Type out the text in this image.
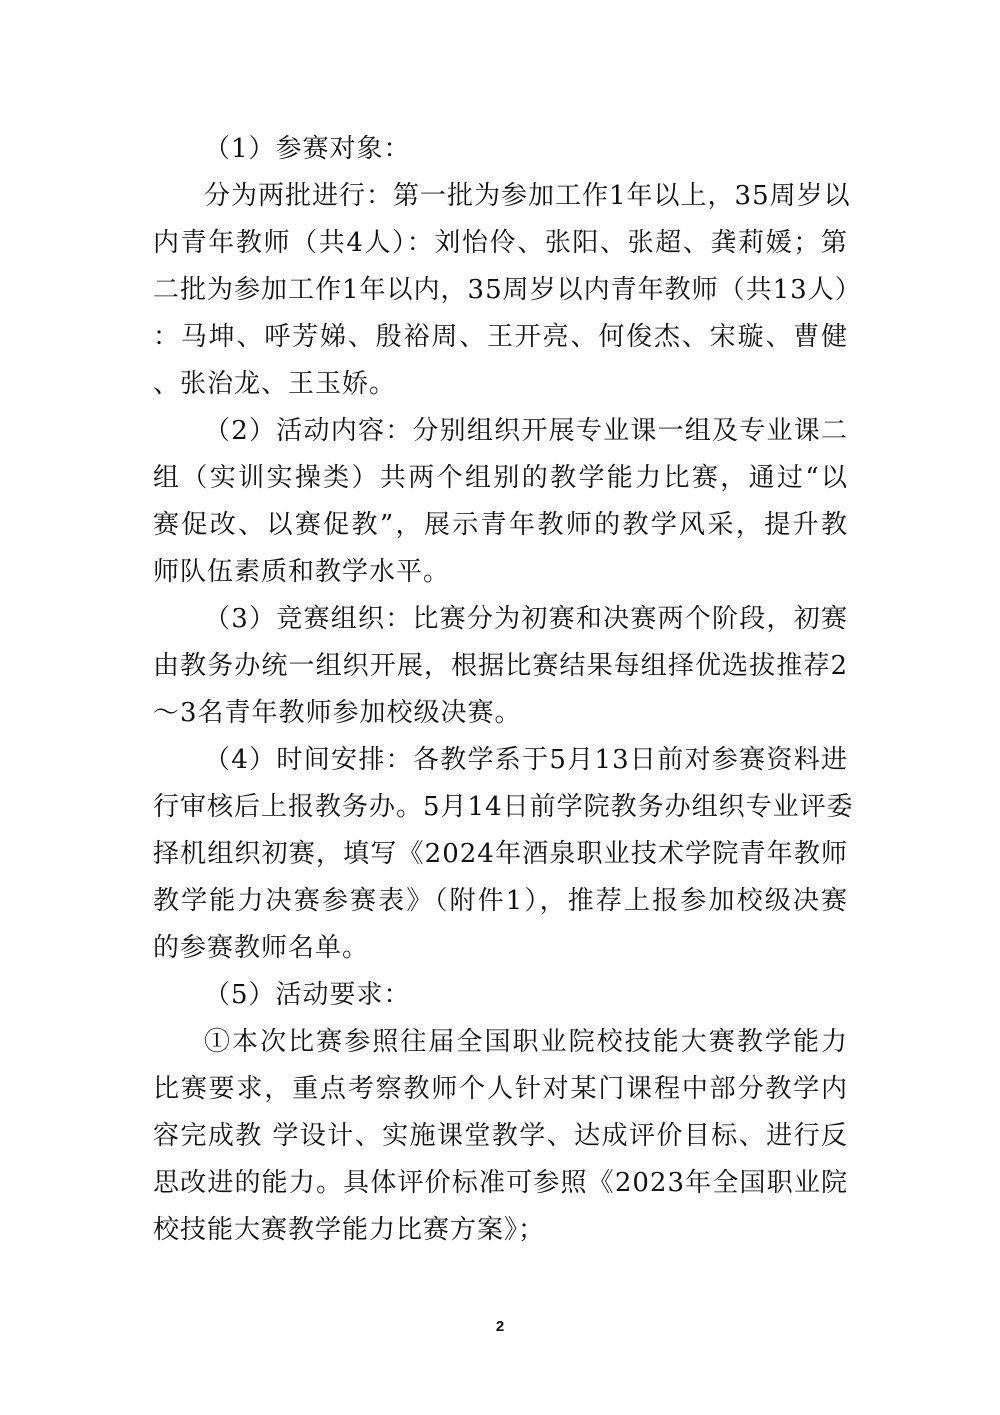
（1）参赛对象：
分为两批进行：第一批为参加工作1年以上，35周岁以
内青年教师（共4人）：刘怡伶、张阳、张超、龚莉媛；第
二批为参加工作1年以内，35周岁以内青年教师（共13人）
：马坤、呼芳娣、殷裕周、王开亮、何俊杰、宋璇、曹健
、张治龙、王玉娇。
（2）活动内容：分别组织开展专业课一组及专业课二
组（实训实操类）共两个组别的教学能力比赛，通过“以
赛促改、以赛促教”，展示青年教师的教学风采，提升教
师队伍素质和教学水平。
（3）竞赛组织：比赛分为初赛和决赛两个阶段，初赛
由教务办统一组织开展，根据比赛结果每组择优选拔推荐2
～3名青年教师参加校级决赛。
（4）时间安排：各教学系于5月13日前对参赛资料进
行审核后上报教务办。5月14日前学院教务办组织专业评委
择机组织初赛，填写《2024年酒泉职业技术学院青年教师
教学能力决赛参赛表》（附件1），推荐上报参加校级决赛
的参赛教师名单。
（5）活动要求：
①本次比赛参照往届全国职业院校技能大赛教学能力
比赛要求，重点考察教师个人针对某门课程中部分教学内
容完成教 学设计、实施课堂教学、达成评价目标、进行反
思改进的能力。具体评价标准可参照《2023年全国职业院
校技能大赛教学能力比赛方案》；
2
